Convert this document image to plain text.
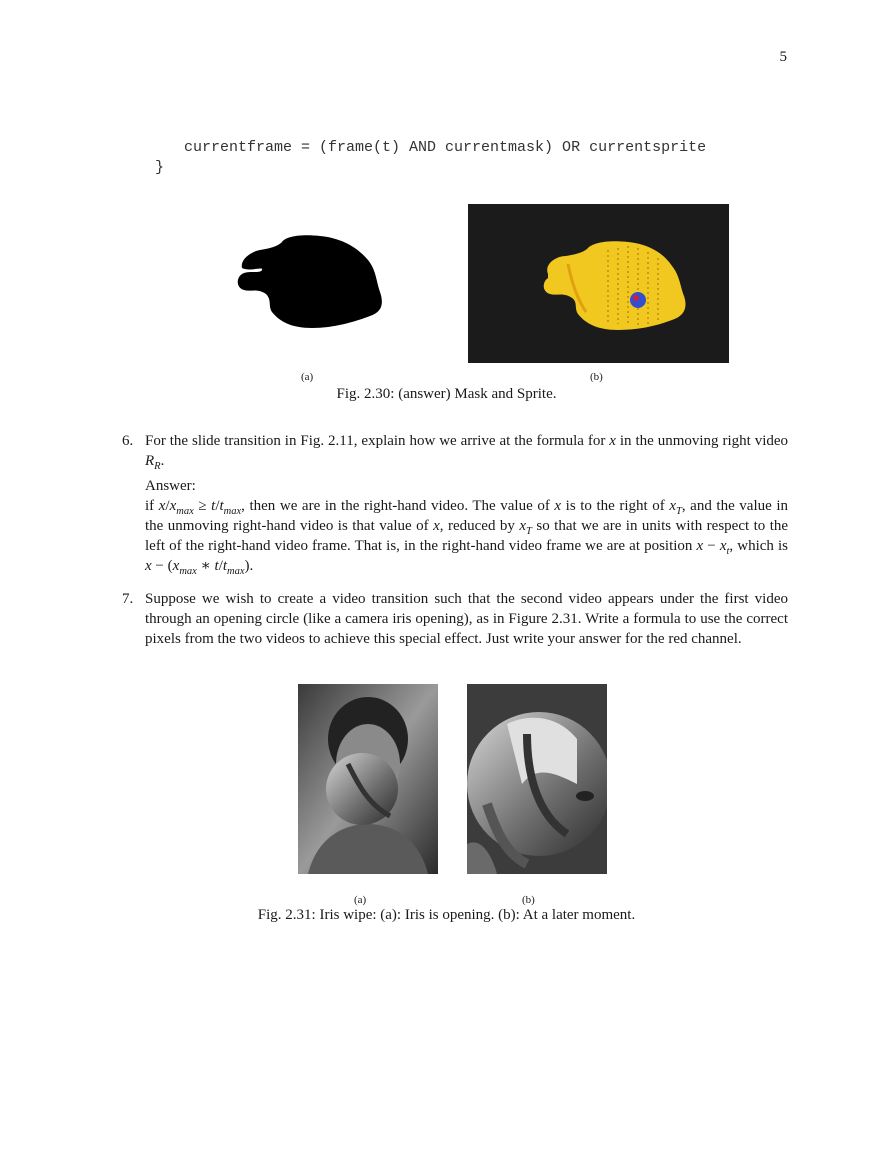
5
currentframe = (frame(t) AND currentmask) OR currentsprite
}
(a)	(b)
Fig. 2.30: (answer) Mask and Sprite.
6. For the slide transition in Fig. 2.11, explain how we arrive at the formula for x in the unmoving right video $R_R$.

Answer:

if $x/x_{max} \ge t/t_{max}$, then we are in the right-hand video. The value of x is to the right of $x_T$, and the value in the unmoving right-hand video is that value of x, reduced by $x_T$ so that we are in units with respect to the left of the right-hand video frame. That is, in the right-hand video frame we are at position $x - x_t$, which is $x - (x_{max}$ ∗ $t/t_{max}$).

7. Suppose we wish to create a video transition such that the second video appears under the first video through an opening circle (like a camera iris opening), as in Figure 2.31. Write a formula to use the correct pixels from the two videos to achieve this special effect. Just write your answer for the red channel.

(a)	(b)
Fig. 2.31: Iris wipe: (a): Iris is opening. (b): At a later moment.
